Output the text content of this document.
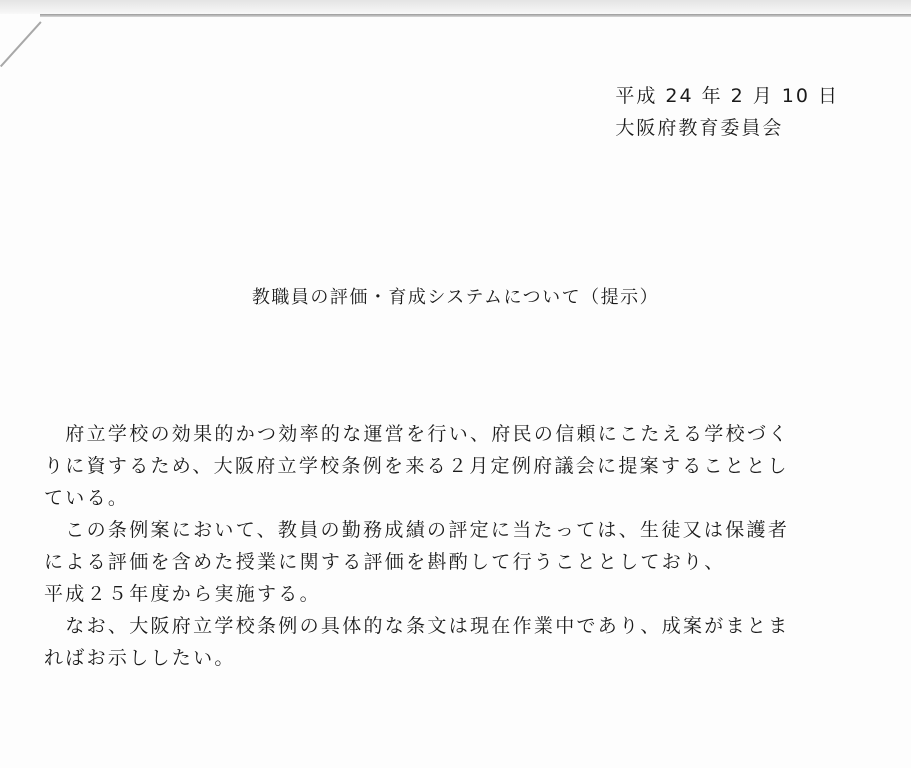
平成 24 年 2 月 10 日
大阪府教育委員会
教職員の評価・育成システムについて（提示）

　府立学校の効果的かつ効率的な運営を行い、府民の信頼にこたえる学校づく
りに資するため、大阪府立学校条例を来る２月定例府議会に提案することとし
ている。

　この条例案において、教員の勤務成績の評定に当たっては、生徒又は保護者
による評価を含めた授業に関する評価を斟酌して行うこととしており、
平成２５年度から実施する。

　なお、大阪府立学校条例の具体的な条文は現在作業中であり、成案がまとま
ればお示ししたい。
